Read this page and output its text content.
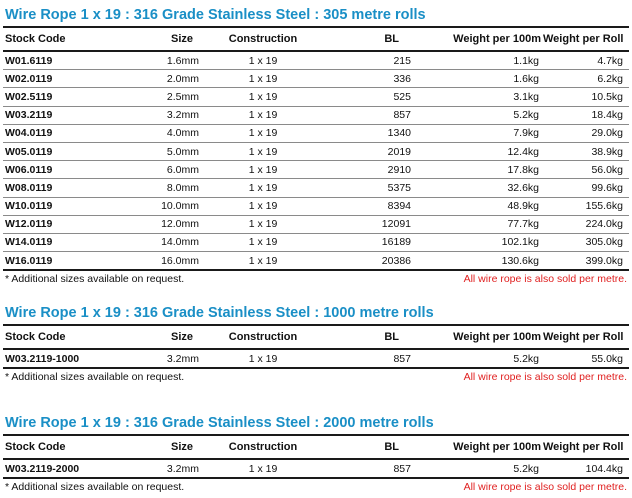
Wire Rope 1 x 19 : 316 Grade Stainless Steel : 305 metre rolls
Stock Code	Size	Construction	BL	Weight per 100m	Weight per Roll
W01.6119	1.6mm	1 x 19	215	1.1kg	4.7kg
W02.0119	2.0mm	1 x 19	336	1.6kg	6.2kg
W02.5119	2.5mm	1 x 19	525	3.1kg	10.5kg
W03.2119	3.2mm	1 x 19	857	5.2kg	18.4kg
W04.0119	4.0mm	1 x 19	1340	7.9kg	29.0kg
W05.0119	5.0mm	1 x 19	2019	12.4kg	38.9kg
W06.0119	6.0mm	1 x 19	2910	17.8kg	56.0kg
W08.0119	8.0mm	1 x 19	5375	32.6kg	99.6kg
W10.0119	10.0mm	1 x 19	8394	48.9kg	155.6kg
W12.0119	12.0mm	1 x 19	12091	77.7kg	224.0kg
W14.0119	14.0mm	1 x 19	16189	102.1kg	305.0kg
W16.0119	16.0mm	1 x 19	20386	130.6kg	399.0kg
* Additional sizes available on request.	All wire rope is also sold per metre.
Wire Rope 1 x 19 : 316 Grade Stainless Steel : 1000 metre rolls
Stock Code	Size	Construction	BL	Weight per 100m	Weight per Roll
W03.2119-1000	3.2mm	1 x 19	857	5.2kg	55.0kg
* Additional sizes available on request.	All wire rope is also sold per metre.
Wire Rope 1 x 19 : 316 Grade Stainless Steel : 2000 metre rolls
Stock Code	Size	Construction	BL	Weight per 100m	Weight per Roll
W03.2119-2000	3.2mm	1 x 19	857	5.2kg	104.4kg
* Additional sizes available on request.	All wire rope is also sold per metre.
